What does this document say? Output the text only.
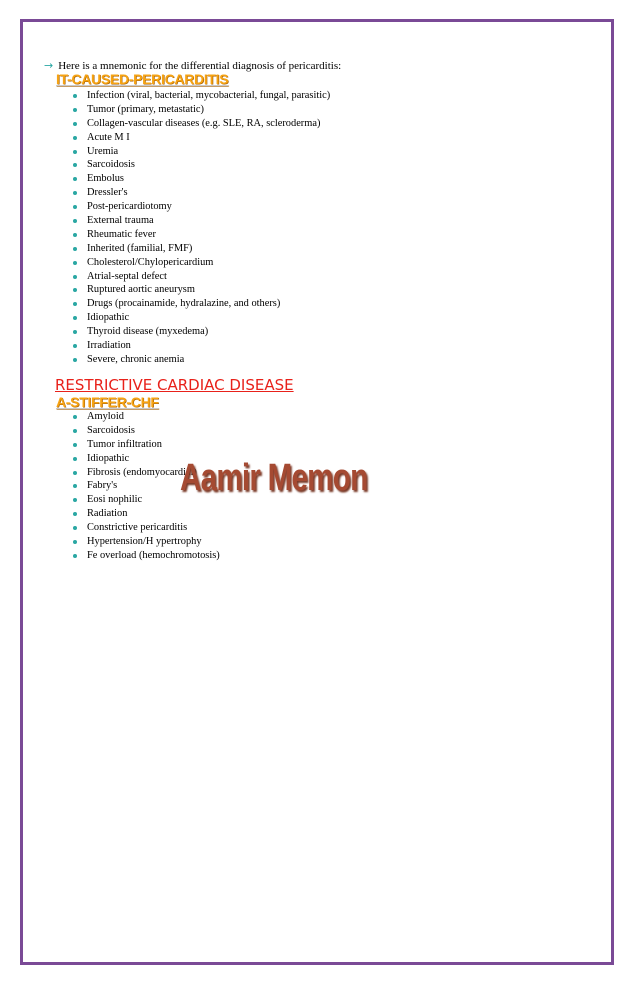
→ Here is a mnemonic for the differential diagnosis of pericarditis:
IT-CAUSED-PERICARDITIS
Infection (viral, bacterial, mycobacterial, fungal, parasitic)
Tumor (primary, metastatic)
Collagen-vascular diseases (e.g. SLE, RA, scleroderma)
Acute M I
Uremia
Sarcoidosis
Embolus
Dressler's
Post-pericardiotomy
External trauma
Rheumatic fever
Inherited (familial, FMF)
Cholesterol/Chylopericardium
Atrial-septal defect
Ruptured aortic aneurysm
Drugs (procainamide, hydralazine, and others)
Idiopathic
Thyroid disease (myxedema)
Irradiation
Severe, chronic anemia
RESTRICTIVE CARDIAC DISEASE
A-STIFFER-CHF
Amyloid
Sarcoidosis
Tumor infiltration
Idiopathic
Fibrosis (endomyocardial)
Fabry's
Eosi nophilic
Radiation
Constrictive pericarditis
Hypertension/H ypertrophy
Fe overload (hemochromotosis)
Aamir Memon
